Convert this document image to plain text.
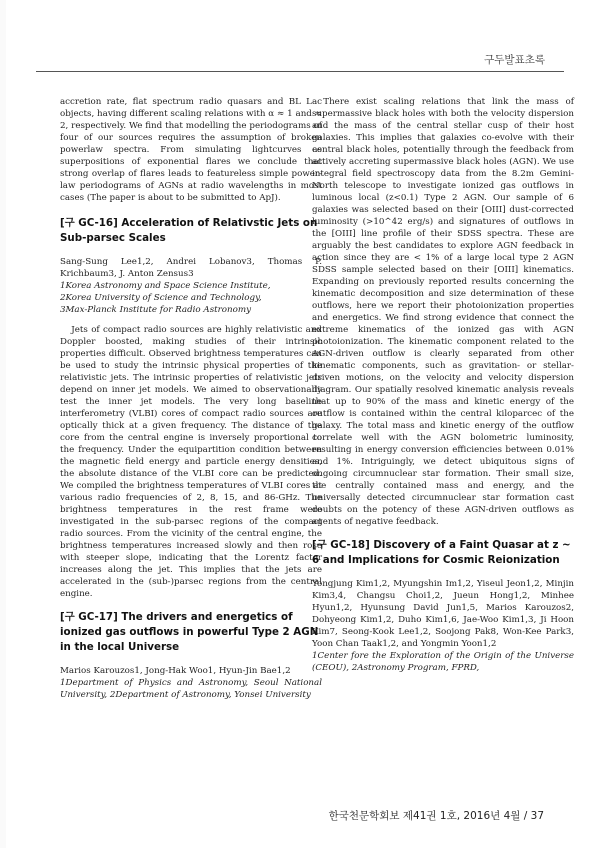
구두발표초록

accretion rate, flat spectrum radio quasars and BL Lac objects, having different scaling relations with α ≈ 1 and ≈ 2, respectively. We find that modelling the periodograms of four of our sources requires the assumption of broken powerlaw spectra. From simulating lightcurves as superpositions of exponential flares we conclude that strong overlap of flares leads to featureless simple power-law periodograms of AGNs at radio wavelengths in most cases (The paper is about to be submitted to ApJ).

[구 GC-16] Acceleration of Relativstic Jets on Sub-parsec Scales

Sang-Sung Lee1,2, Andrei Lobanov3, Thomas P. Krichbaum3, J. Anton Zensus3

1Korea Astronomy and Space Science Institute,

2Korea University of Science and Technology,

3Max-Planck Institute for Radio Astronomy

Jets of compact radio sources are highly relativistic and Doppler boosted, making studies of their intrinsic properties difficult. Observed brightness temperatures can be used to study the intrinsic physical properties of the relativistic jets. The intrinsic properties of relativistic jets depend on inner jet models. We aimed to observationally test the inner jet models. The very long baseline interferometry (VLBI) cores of compact radio sources are optically thick at a given frequency. The distance of the core from the central engine is inversely proportional to the frequency. Under the equipartition condition between the magnetic field energy and particle energy densities, the absolute distance of the VLBI core can be predicted. We compiled the brightness temperatures of VLBI cores at various radio frequencies of 2, 8, 15, and 86-GHz. The brightness temperatures in the rest frame were investigated in the sub-parsec regions of the compact radio sources. From the vicinity of the central engine, the brightness temperatures increased slowly and then rose with steeper slope, indicating that the Lorentz factor increases along the jet. This implies that the jets are accelerated in the (sub-)parsec regions from the central engine.

[구 GC-17] The drivers and energetics of ionized gas outflows in powerful Type 2 AGN in the local Universe

Marios Karouzos1, Jong-Hak Woo1, Hyun-Jin Bae1,2

1Department of Physics and Astronomy, Seoul National University, 2Department of Astronomy, Yonsei University

There exist scaling relations that link the mass of supermassive black holes with both the velocity dispersion and the mass of the central stellar cusp of their host galaxies. This implies that galaxies co-evolve with their central black holes, potentially through the feedback from actively accreting supermassive black holes (AGN). We use integral field spectroscopy data from the 8.2m Gemini-North telescope to investigate ionized gas outflows in luminous local (z<0.1) Type 2 AGN. Our sample of 6 galaxies was selected based on their [OIII] dust-corrected luminosity (>10^42 erg/s) and signatures of outflows in the [OIII] line profile of their SDSS spectra. These are arguably the best candidates to explore AGN feedback in action since they are < 1% of a large local type 2 AGN SDSS sample selected based on their [OIII] kinematics. Expanding on previously reported results concerning the kinematic decomposition and size determination of these outflows, here we report their photoionization properties and energetics. We find strong evidence that connect the extreme kinematics of the ionized gas with AGN photoionization. The kinematic component related to the AGN-driven outflow is clearly separated from other kinematic components, such as gravitation- or stellar-driven motions, on the velocity and velocity dispersion diagram. Our spatially resolved kinematic analysis reveals that up to 90% of the mass and kinetic energy of the outflow is contained within the central kiloparcec of the galaxy. The total mass and kinetic energy of the outflow correlate well with the AGN bolometric luminosity, resulting in energy conversion efficiencies between 0.01% and 1%. Intriguingly, we detect ubiquitous signs of ongoing circumnuclear star formation. Their small size, the centrally contained mass and energy, and the universally detected circumnuclear star formation cast doubts on the potency of these AGN-driven outflows as agents of negative feedback.

[구 GC-18] Discovery of a Faint Quasar at z ~ 6 and Implications for Cosmic Reionization

Yongjung Kim1,2, Myungshin Im1,2, Yiseul Jeon1,2, Minjin Kim3,4, Changsu Choi1,2, Jueun Hong1,2, Minhee Hyun1,2, Hyunsung David Jun1,5, Marios Karouzos2, Dohyeong Kim1,2, Duho Kim1,6, Jae-Woo Kim1,3, Ji Hoon Kim7, Seong-Kook Lee1,2, Soojong Pak8, Won-Kee Park3, Yoon Chan Taak1,2, and Yongmin Yoon1,2

1Center fore the Exploration of the Origin of the Universe (CEOU), 2Astronomy Program, FPRD,

한국천문학회보 제41권 1호, 2016년 4월 / 37
